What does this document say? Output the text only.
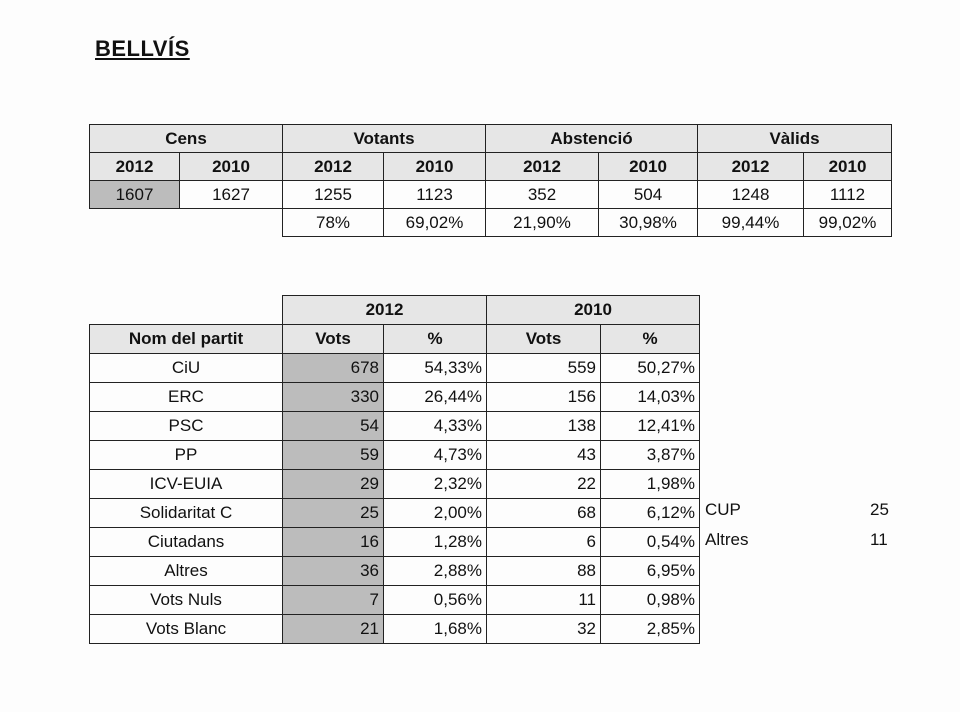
BELLVÍS
Cens		Votants		Abstenció		Vàlids	
2012	2010	2012	2010	2012	2010	2012	2010
1607	1627	1255	1123	352	504	1248	1112
		78%	69,02%	21,90%	30,98%	99,44%	99,02%
	2012		2010	
Nom del partit	Vots	%	Vots	%
CiU	678	54,33%	559	50,27%
ERC	330	26,44%	156	14,03%
PSC	54	4,33%	138	12,41%
PP	59	4,73%	43	3,87%
ICV-EUIA	29	2,32%	22	1,98%
Solidaritat C	25	2,00%	68	6,12%
Ciutadans	16	1,28%	6	0,54%
Altres	36	2,88%	88	6,95%
Vots Nuls	7	0,56%	11	0,98%
Vots Blanc	21	1,68%	32	2,85%
CUP	25
Altres	11
